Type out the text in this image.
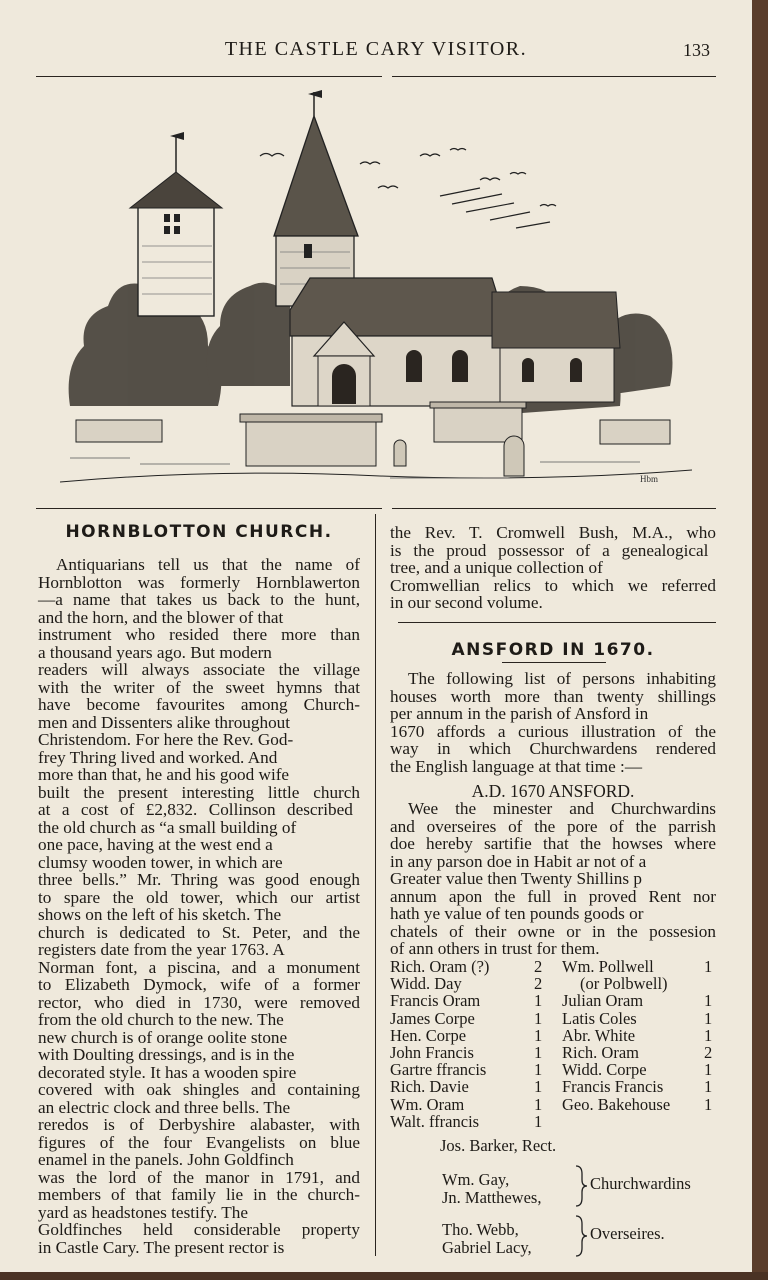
THE CASTLE CARY VISITOR.	133
Hbm
HORNBLOTTON CHURCH.

Antiquarians tell us that the name of
Hornblotton was formerly Hornblawerton
—a name that takes us back to the hunt,
and the horn, and the blower of that
instrument who resided there more than
a thousand years ago. But modern
readers will always associate the village
with the writer of the sweet hymns that
have become favourites among Church-
men and Dissenters alike throughout
Christendom. For here the Rev. God-
frey Thring lived and worked. And
more than that, he and his good wife
built the present interesting little church
at a cost of £2,832. Collinson described
the old church as “a small building of
one pace, having at the west end a
clumsy wooden tower, in which are
three bells.” Mr. Thring was good enough
to spare the old tower, which our artist
shows on the left of his sketch. The
church is dedicated to St. Peter, and the
registers date from the year 1763. A
Norman font, a piscina, and a monument
to Elizabeth Dymock, wife of a former
rector, who died in 1730, were removed
from the old church to the new. The
new church is of orange oolite stone
with Doulting dressings, and is in the
decorated style. It has a wooden spire
covered with oak shingles and containing
an electric clock and three bells. The
reredos is of Derbyshire alabaster, with
figures of the four Evangelists on blue
enamel in the panels. John Goldfinch
was the lord of the manor in 1791, and
members of that family lie in the church-
yard as headstones testify. The
Goldfinches held considerable property
in Castle Cary. The present rector is

the Rev. T. Cromwell Bush, M.A., who
is the proud possessor of a genealogical
tree, and a unique collection of
Cromwellian relics to which we referred
in our second volume.

ANSFORD IN 1670.

The following list of persons inhabiting
houses worth more than twenty shillings
per annum in the parish of Ansford in
1670 affords a curious illustration of the
way in which Churchwardens rendered
the English language at that time :—

A.D. 1670 ANSFORD.

Wee the minester and Churchwardins
and overseires of the pore of the parrish
doe hereby sartifie that the howses where
in any parson doe in Habit ar not of a
Greater value then Twenty Shillins p
annum apon the full in proved Rent nor
hath ye value of ten pounds goods or
chatels of their owne or in the possesion
of ann others in trust for them.

Rich. Oram (?)	2
Widd. Day	2
Francis Oram	1
James Corpe	1
Hen. Corpe	1
John Francis	1
Gartre ffrancis	1
Rich. Davie	1
Wm. Oram	1
Walt. ffrancis	1
Wm. Pollwell	1
(or Polbwell)
Julian Oram	1
Latis Coles	1
Abr. White	1
Rich. Oram	2
Widd. Corpe	1
Francis Francis 1
Geo. Bakehouse 1
Jos. Barker, Rect.
Wm. Gay,
Jn. Matthewes,
Churchwardins
Tho. Webb,
Gabriel Lacy,
Overseires.
